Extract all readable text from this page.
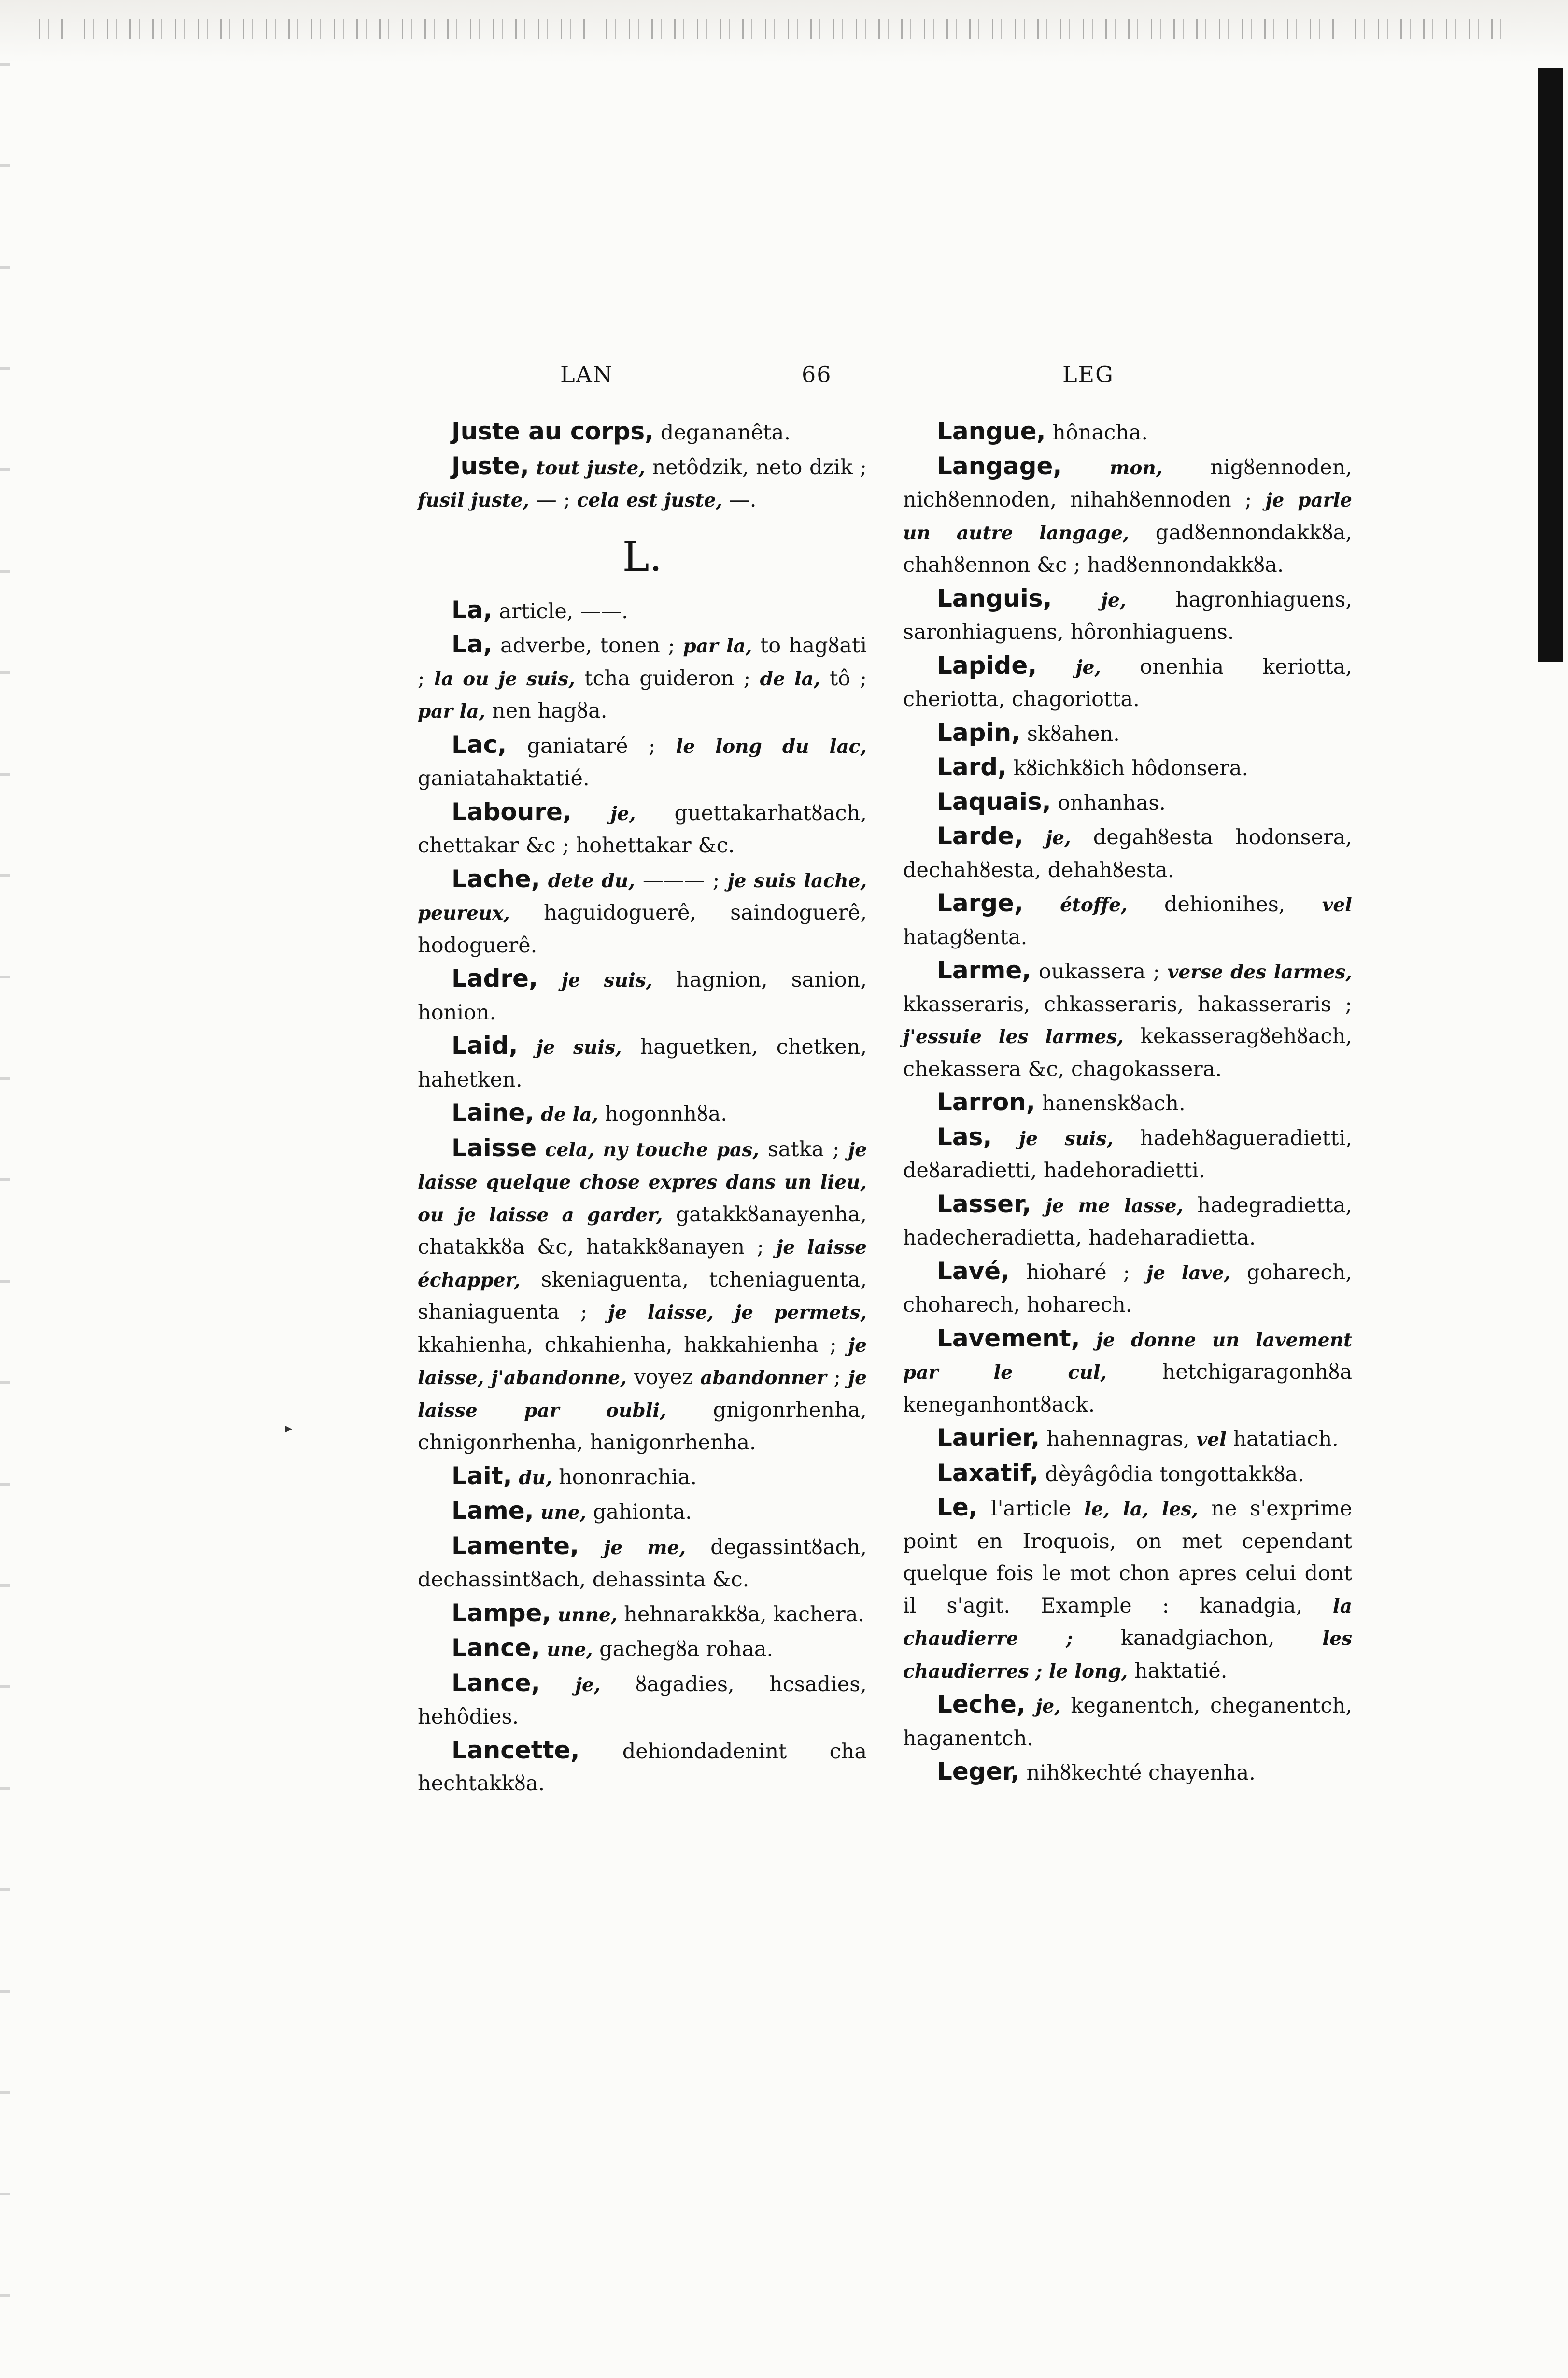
LAN	66	LEG
▸

Juste au corps, degananêta.

Juste, tout juste, netôdzik, neto dzik ; fusil juste, — ; cela est juste, —.

L.

La, article, ——.

La, adverbe, tonen ; par la, to hagȣati ; la ou je suis, tcha guideron ; de la, tô ; par la, nen hagȣa.

Lac, ganiataré ; le long du lac, ganiatahaktatié.

Laboure, je, guettakarhatȣach, chettakar &c ; hohettakar &c.

Lache, dete du, ——— ; je suis lache, peureux, haguidoguerê, saindoguerê, hodoguerê.

Ladre, je suis, hagnion, sanion, honion.

Laid, je suis, haguetken, chetken, hahetken.

Laine, de la, hogonnhȣa.

Laisse cela, ny touche pas, satka ; je laisse quelque chose expres dans un lieu, ou je laisse a garder, gatakkȣanayenha, chatakkȣa &c, hatakkȣanayen ; je laisse échapper, skeniaguenta, tcheniaguenta, shaniaguenta ; je laisse, je permets, kkahienha, chkahienha, hakkahienha ; je laisse, j'abandonne, voyez abandonner ; je laisse par oubli, gnigonrhenha, chnigonrhenha, hanigonrhenha.

Lait, du, hononrachia.

Lame, une, gahionta.

Lamente, je me, degassintȣach, dechassintȣach, dehassinta &c.

Lampe, unne, hehnarakkȣa, kachera.

Lance, une, gachegȣa rohaa.

Lance, je, ȣagadies, hcsadies, hehôdies.

Lancette, dehiondadenint cha hechtakkȣa.

Langue, hônacha.

Langage, mon, nigȣennoden, nichȣennoden, nihahȣennoden ; je parle un autre langage, gadȣennondakkȣa, chahȣennon &c ; hadȣennondakkȣa.

Languis, je, hagronhiaguens, saronhiaguens, hôronhiaguens.

Lapide, je, onenhia keriotta, cheriotta, chagoriotta.

Lapin, skȣahen.

Lard, kȣichkȣich hôdonsera.

Laquais, onhanhas.

Larde, je, degahȣesta hodonsera, dechahȣesta, dehahȣesta.

Large, étoffe, dehionihes, vel hatagȣenta.

Larme, oukassera ; verse des larmes, kkasseraris, chkasseraris, hakasseraris ; j'essuie les larmes, kekasseragȣehȣach, chekassera &c, chagokassera.

Larron, hanenskȣach.

Las, je suis, hadehȣagueradietti, deȣaradietti, hadehoradietti.

Lasser, je me lasse, hadegradietta, hadecheradietta, hadeharadietta.

Lavé, hioharé ; je lave, goharech, choharech, hoharech.

Lavement, je donne un lavement par le cul, hetchigaragonhȣa keneganhontȣack.

Laurier, hahennagras, vel hatatiach.

Laxatif, dèyâgôdia tongottakkȣa.

Le, l'article le, la, les, ne s'exprime point en Iroquois, on met cependant quelque fois le mot chon apres celui dont il s'agit. Example : kanadgia, la chaudierre ; kanadgiachon, les chaudierres ; le long, haktatié.

Leche, je, keganentch, cheganentch, haganentch.

Leger, nihȣkechté chayenha.
